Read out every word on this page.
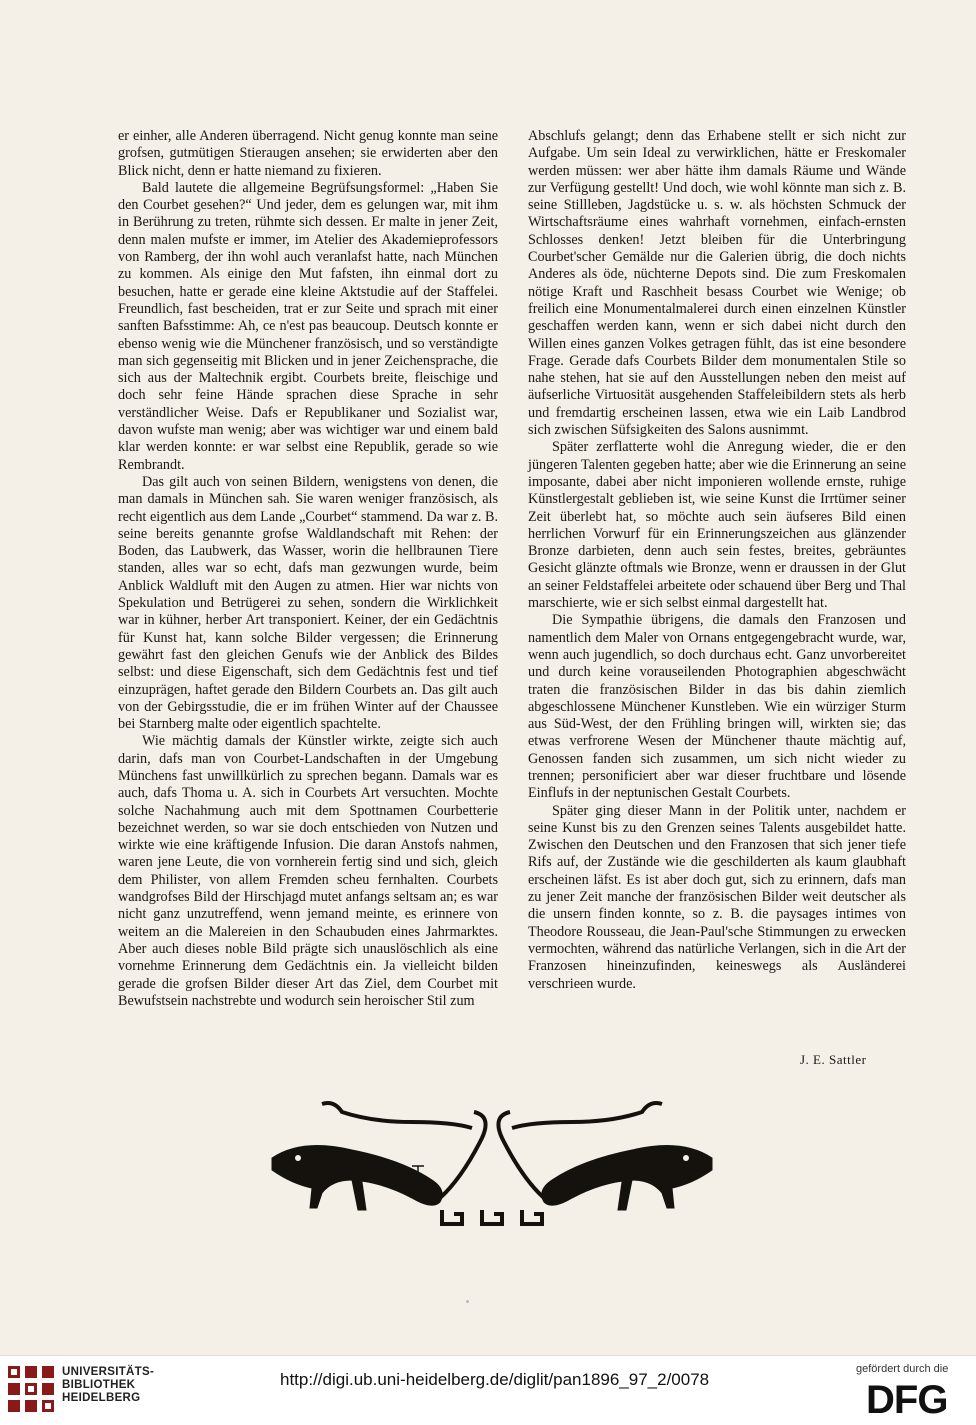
er einher, alle Anderen überragend. Nicht genug konnte man seine grofsen, gutmütigen Stieraugen ansehen; sie erwiderten aber den Blick nicht, denn er hatte niemand zu fixieren.

Bald lautete die allgemeine Begrüfsungsformel: „Haben Sie den Courbet gesehen?“ Und jeder, dem es gelungen war, mit ihm in Berührung zu treten, rühmte sich dessen. Er malte in jener Zeit, denn malen mufste er immer, im Atelier des Akademieprofessors von Ramberg, der ihn wohl auch veranlafst hatte, nach München zu kommen. Als einige den Mut fafsten, ihn einmal dort zu besuchen, hatte er gerade eine kleine Aktstudie auf der Staffelei. Freundlich, fast bescheiden, trat er zur Seite und sprach mit einer sanften Bafsstimme: Ah, ce n'est pas beaucoup. Deutsch konnte er ebenso wenig wie die Münchener französisch, und so verständigte man sich gegenseitig mit Blicken und in jener Zeichensprache, die sich aus der Maltechnik ergibt. Courbets breite, fleischige und doch sehr feine Hände sprachen diese Sprache in sehr verständlicher Weise. Dafs er Republikaner und Sozialist war, davon wufste man wenig; aber was wichtiger war und einem bald klar werden konnte: er war selbst eine Republik, gerade so wie Rembrandt.

Das gilt auch von seinen Bildern, wenigstens von denen, die man damals in München sah. Sie waren weniger französisch, als recht eigentlich aus dem Lande „Courbet“ stammend. Da war z. B. seine bereits genannte grofse Waldlandschaft mit Rehen: der Boden, das Laubwerk, das Wasser, worin die hellbraunen Tiere standen, alles war so echt, dafs man gezwungen wurde, beim Anblick Waldluft mit den Augen zu atmen. Hier war nichts von Spekulation und Betrügerei zu sehen, sondern die Wirklichkeit war in kühner, herber Art transponiert. Keiner, der ein Gedächtnis für Kunst hat, kann solche Bilder vergessen; die Erinnerung gewährt fast den gleichen Genufs wie der Anblick des Bildes selbst: und diese Eigenschaft, sich dem Gedächtnis fest und tief einzuprägen, haftet gerade den Bildern Courbets an. Das gilt auch von der Gebirgsstudie, die er im frühen Winter auf der Chaussee bei Starnberg malte oder eigentlich spachtelte.

Wie mächtig damals der Künstler wirkte, zeigte sich auch darin, dafs man von Courbet-Landschaften in der Umgebung Münchens fast unwillkürlich zu sprechen begann. Damals war es auch, dafs Thoma u. A. sich in Courbets Art versuchten. Mochte solche Nachahmung auch mit dem Spottnamen Courbetterie bezeichnet werden, so war sie doch entschieden von Nutzen und wirkte wie eine kräftigende Infusion. Die daran Anstofs nahmen, waren jene Leute, die von vornherein fertig sind und sich, gleich dem Philister, von allem Fremden scheu fernhalten. Courbets wandgrofses Bild der Hirschjagd mutet anfangs seltsam an; es war nicht ganz unzutreffend, wenn jemand meinte, es erinnere von weitem an die Malereien in den Schaubuden eines Jahrmarktes. Aber auch dieses noble Bild prägte sich unauslöschlich als eine vornehme Erinnerung dem Gedächtnis ein. Ja vielleicht bilden gerade die grofsen Bilder dieser Art das Ziel, dem Courbet mit Bewufstsein nachstrebte und wodurch sein heroischer Stil zum

Abschlufs gelangt; denn das Erhabene stellt er sich nicht zur Aufgabe. Um sein Ideal zu verwirklichen, hätte er Freskomaler werden müssen: wer aber hätte ihm damals Räume und Wände zur Verfügung gestellt! Und doch, wie wohl könnte man sich z. B. seine Stillleben, Jagdstücke u. s. w. als höchsten Schmuck der Wirtschaftsräume eines wahrhaft vornehmen, einfach-ernsten Schlosses denken! Jetzt bleiben für die Unterbringung Courbet'scher Gemälde nur die Galerien übrig, die doch nichts Anderes als öde, nüchterne Depots sind. Die zum Freskomalen nötige Kraft und Raschheit besass Courbet wie Wenige; ob freilich eine Monumentalmalerei durch einen einzelnen Künstler geschaffen werden kann, wenn er sich dabei nicht durch den Willen eines ganzen Volkes getragen fühlt, das ist eine besondere Frage. Gerade dafs Courbets Bilder dem monumentalen Stile so nahe stehen, hat sie auf den Ausstellungen neben den meist auf äufserliche Virtuosität ausgehenden Staffeleibildern stets als herb und fremdartig erscheinen lassen, etwa wie ein Laib Landbrod sich zwischen Süfsigkeiten des Salons ausnimmt.

Später zerflatterte wohl die Anregung wieder, die er den jüngeren Talenten gegeben hatte; aber wie die Erinnerung an seine imposante, dabei aber nicht imponieren wollende ernste, ruhige Künstlergestalt geblieben ist, wie seine Kunst die Irrtümer seiner Zeit überlebt hat, so möchte auch sein äufseres Bild einen herrlichen Vorwurf für ein Erinnerungszeichen aus glänzender Bronze darbieten, denn auch sein festes, breites, gebräuntes Gesicht glänzte oftmals wie Bronze, wenn er draussen in der Glut an seiner Feldstaffelei arbeitete oder schauend über Berg und Thal marschierte, wie er sich selbst einmal dargestellt hat.

Die Sympathie übrigens, die damals den Franzosen und namentlich dem Maler von Ornans entgegengebracht wurde, war, wenn auch jugendlich, so doch durchaus echt. Ganz unvorbereitet und durch keine vorauseilenden Photographien abgeschwächt traten die französischen Bilder in das bis dahin ziemlich abgeschlossene Münchener Kunstleben. Wie ein würziger Sturm aus Süd-West, der den Frühling bringen will, wirkten sie; das etwas verfrorene Wesen der Münchener thaute mächtig auf, Genossen fanden sich zusammen, um sich nicht wieder zu trennen; personificiert aber war dieser fruchtbare und lösende Einflufs in der neptunischen Gestalt Courbets.

Später ging dieser Mann in der Politik unter, nachdem er seine Kunst bis zu den Grenzen seines Talents ausgebildet hatte. Zwischen den Deutschen und den Franzosen that sich jener tiefe Rifs auf, der Zustände wie die geschilderten als kaum glaubhaft erscheinen läfst. Es ist aber doch gut, sich zu erinnern, dafs man zu jener Zeit manche der französischen Bilder weit deutscher als die unsern finden konnte, so z. B. die paysages intimes von Theodore Rousseau, die Jean-Paul'sche Stimmungen zu erwecken vermochten, während das natürliche Verlangen, sich in die Art der Franzosen hineinzufinden, keineswegs als Ausländerei verschrieen wurde.

J. E. Sattler
UNIVERSITÄTS-
BIBLIOTHEK
HEIDELBERG
http://digi.ub.uni-heidelberg.de/diglit/pan1896_97_2/0078
gefördert durch die
DFG
